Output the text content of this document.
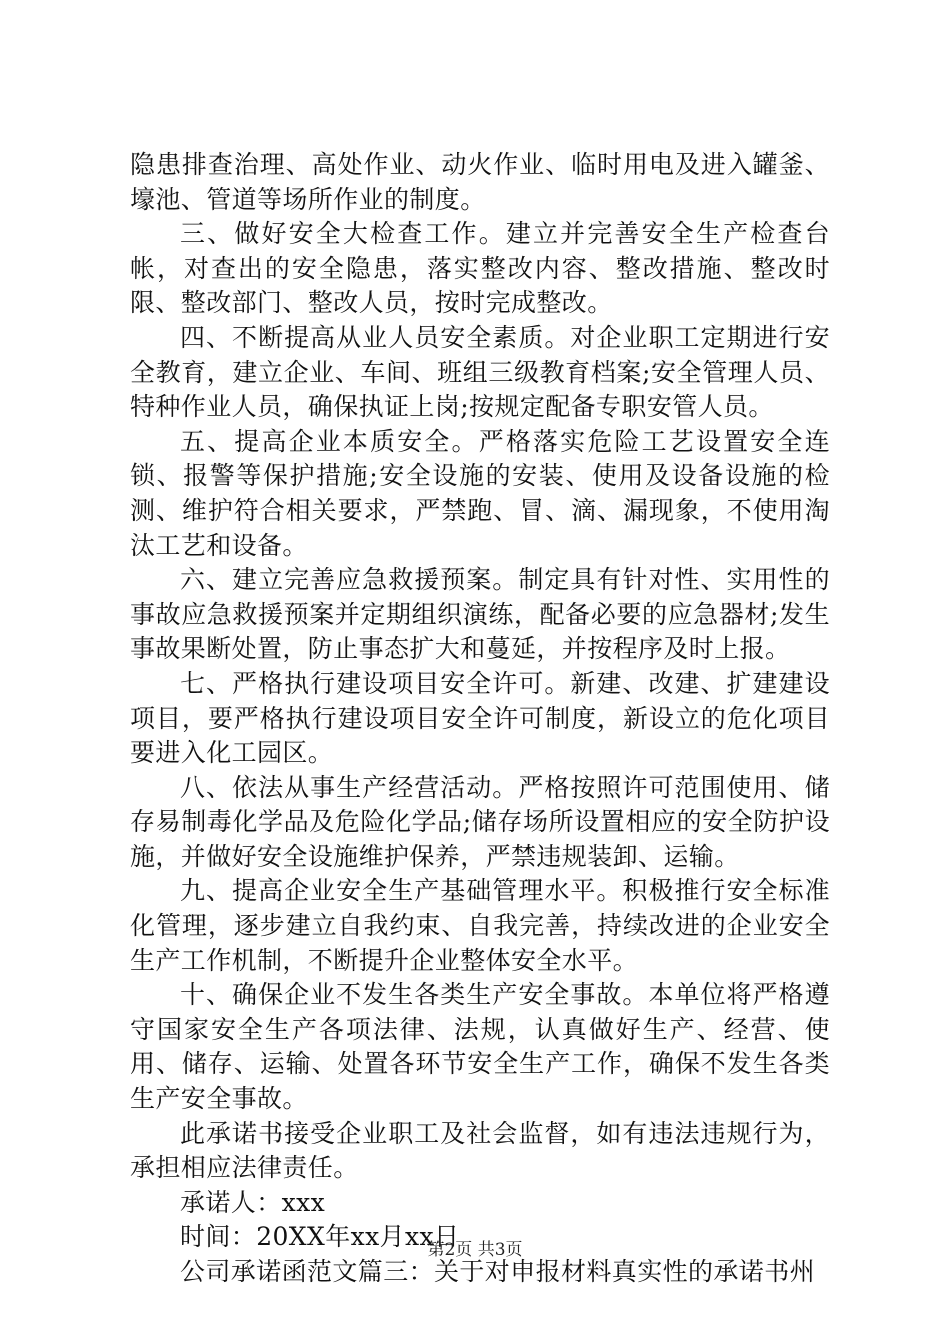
隐患排查治理、高处作业、动火作业、临时用电及进入罐釜、壕池、管道等场所作业的制度。

三、做好安全大检查工作。建立并完善安全生产检查台帐，对查出的安全隐患，落实整改内容、整改措施、整改时限、整改部门、整改人员，按时完成整改。

四、不断提高从业人员安全素质。对企业职工定期进行安全教育，建立企业、车间、班组三级教育档案;安全管理人员、特种作业人员，确保执证上岗;按规定配备专职安管人员。

五、提高企业本质安全。严格落实危险工艺设置安全连锁、报警等保护措施;安全设施的安装、使用及设备设施的检测、维护符合相关要求，严禁跑、冒、滴、漏现象，不使用淘汰工艺和设备。

六、建立完善应急救援预案。制定具有针对性、实用性的事故应急救援预案并定期组织演练，配备必要的应急器材;发生事故果断处置，防止事态扩大和蔓延，并按程序及时上报。

七、严格执行建设项目安全许可。新建、改建、扩建建设项目，要严格执行建设项目安全许可制度，新设立的危化项目要进入化工园区。

八、依法从事生产经营活动。严格按照许可范围使用、储存易制毒化学品及危险化学品;储存场所设置相应的安全防护设施，并做好安全设施维护保养，严禁违规装卸、运输。

九、提高企业安全生产基础管理水平。积极推行安全标准化管理，逐步建立自我约束、自我完善，持续改进的企业安全生产工作机制，不断提升企业整体安全水平。

十、确保企业不发生各类生产安全事故。本单位将严格遵守国家安全生产各项法律、法规，认真做好生产、经营、使用、储存、运输、处置各环节安全生产工作，确保不发生各类生产安全事故。

此承诺书接受企业职工及社会监督，如有违法违规行为，承担相应法律责任。

承诺人：xxx

时间：20XX年xx月xx日

公司承诺函范文篇三：关于对申报材料真实性的承诺书州

第2页 共3页
